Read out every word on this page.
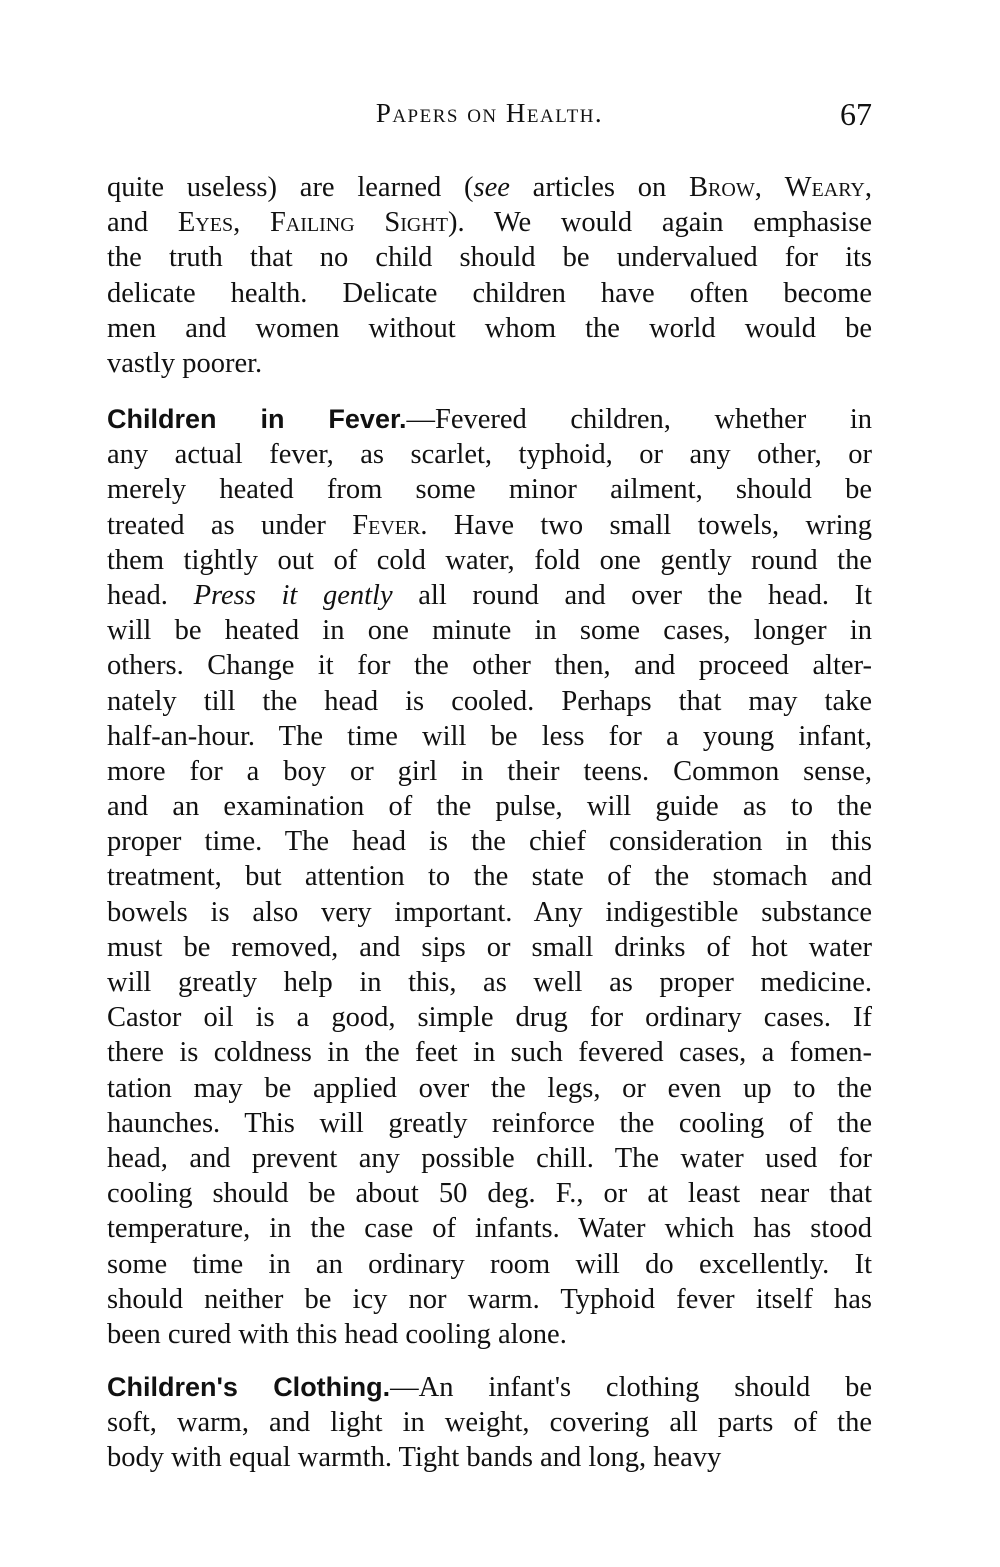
Papers on Health.	67
quite useless) are learned (see articles on Brow, Weary,
and Eyes, Failing Sight). We would again emphasise
the truth that no child should be undervalued for its
delicate health. Delicate children have often become
men and women without whom the world would be
vastly poorer.
Children in Fever.—Fevered children, whether in
any actual fever, as scarlet, typhoid, or any other, or
merely heated from some minor ailment, should be
treated as under Fever. Have two small towels, wring
them tightly out of cold water, fold one gently round the
head. Press it gently all round and over the head. It
will be heated in one minute in some cases, longer in
others. Change it for the other then, and proceed alter-
nately till the head is cooled. Perhaps that may take
half-an-hour. The time will be less for a young infant,
more for a boy or girl in their teens. Common sense,
and an examination of the pulse, will guide as to the
proper time. The head is the chief consideration in this
treatment, but attention to the state of the stomach and
bowels is also very important. Any indigestible substance
must be removed, and sips or small drinks of hot water
will greatly help in this, as well as proper medicine.
Castor oil is a good, simple drug for ordinary cases. If
there is coldness in the feet in such fevered cases, a fomen-
tation may be applied over the legs, or even up to the
haunches. This will greatly reinforce the cooling of the
head, and prevent any possible chill. The water used for
cooling should be about 50 deg. F., or at least near that
temperature, in the case of infants. Water which has stood
some time in an ordinary room will do excellently. It
should neither be icy nor warm. Typhoid fever itself has
been cured with this head cooling alone.
Children's Clothing.—An infant's clothing should be
soft, warm, and light in weight, covering all parts of the
body with equal warmth. Tight bands and long, heavy
